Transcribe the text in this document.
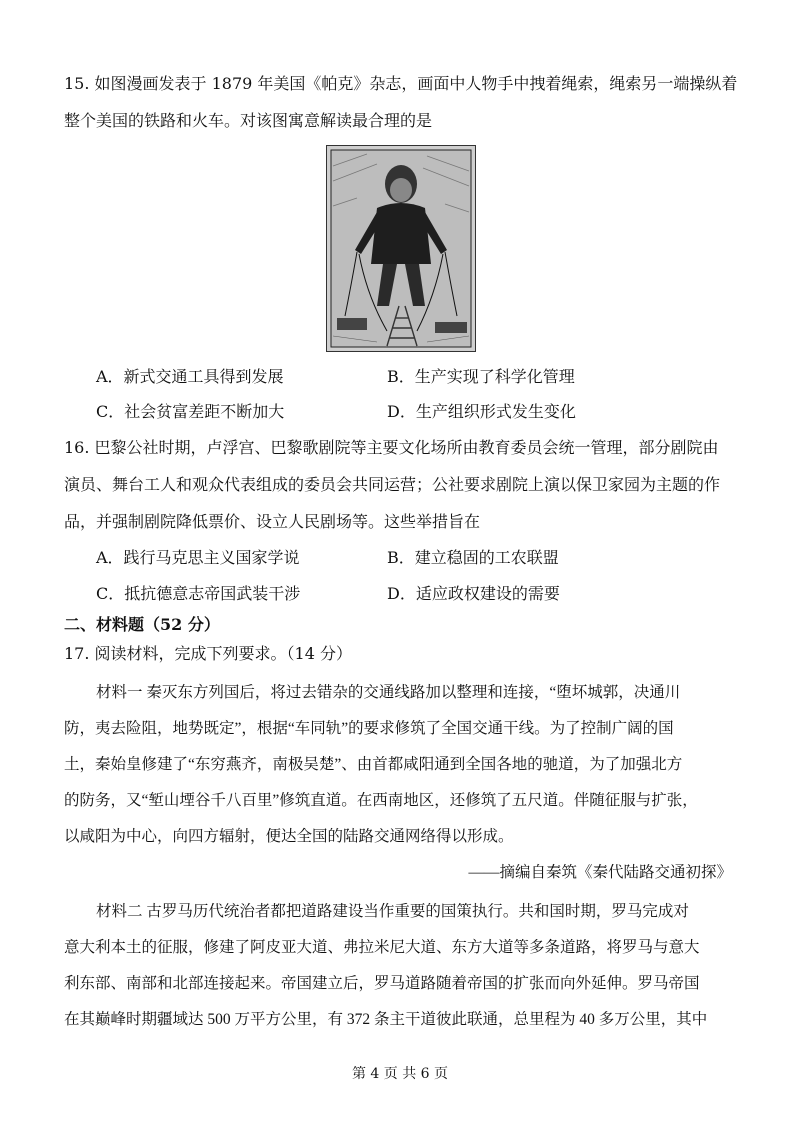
15. 如图漫画发表于 1879 年美国《帕克》杂志，画面中人物手中拽着绳索，绳索另一端操纵着
整个美国的铁路和火车。对该图寓意解读最合理的是
A．新式交通工具得到发展	B．生产实现了科学化管理
C．社会贫富差距不断加大	D．生产组织形式发生变化
16. 巴黎公社时期，卢浮宫、巴黎歌剧院等主要文化场所由教育委员会统一管理，部分剧院由
演员、舞台工人和观众代表组成的委员会共同运营；公社要求剧院上演以保卫家园为主题的作
品，并强制剧院降低票价、设立人民剧场等。这些举措旨在
A．践行马克思主义国家学说	B．建立稳固的工农联盟
C．抵抗德意志帝国武装干涉	D．适应政权建设的需要
二、材料题（52 分）
17. 阅读材料，完成下列要求。（14 分）
材料一 秦灭东方列国后，将过去错杂的交通线路加以整理和连接，“堕坏城郭，决通川
防，夷去险阻，地势既定”，根据“车同轨”的要求修筑了全国交通干线。为了控制广阔的国
土，秦始皇修建了“东穷燕齐，南极吴楚”、由首都咸阳通到全国各地的驰道，为了加强北方
的防务，又“堑山堙谷千八百里”修筑直道。在西南地区，还修筑了五尺道。伴随征服与扩张，
以咸阳为中心，向四方辐射，便达全国的陆路交通网络得以形成。
——摘编自秦筑《秦代陆路交通初探》
材料二 古罗马历代统治者都把道路建设当作重要的国策执行。共和国时期，罗马完成对
意大利本土的征服，修建了阿皮亚大道、弗拉米尼大道、东方大道等多条道路，将罗马与意大
利东部、南部和北部连接起来。帝国建立后，罗马道路随着帝国的扩张而向外延伸。罗马帝国
在其巅峰时期疆域达 500 万平方公里，有 372 条主干道彼此联通，总里程为 40 多万公里，其中
第 4 页 共 6 页
